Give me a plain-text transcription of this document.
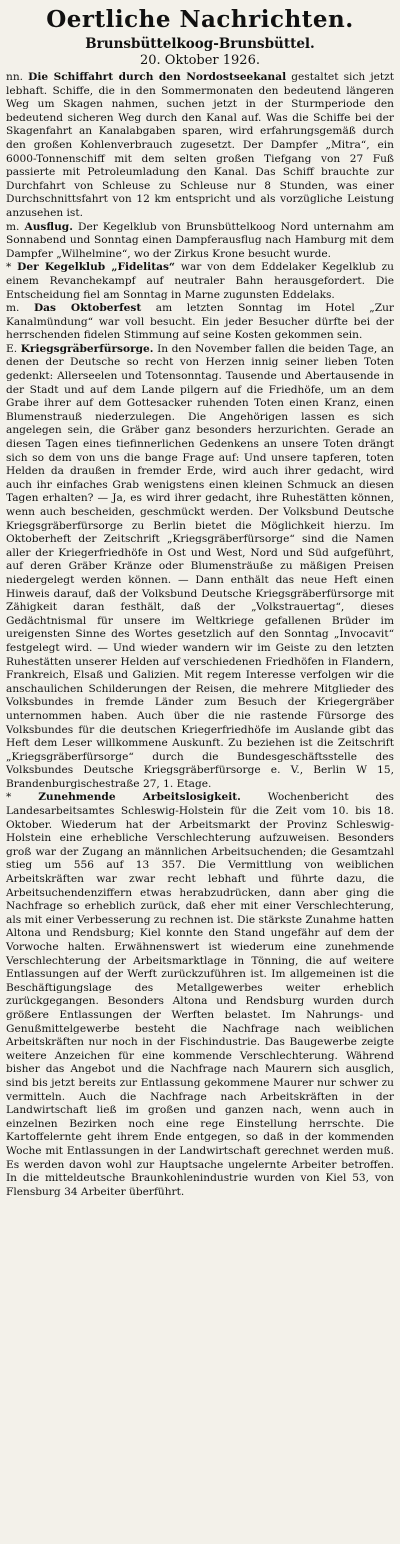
Oertliche Nachrichten.
Brunsbüttelkoog-Brunsbüttel.
20. Oktober 1926.

nn. Die Schiffahrt durch den Nordostseekanal gestaltet sich jetzt lebhaft. Schiffe, die in den Sommermonaten den bedeutend längeren Weg um Skagen nahmen, suchen jetzt in der Sturmperiode den bedeutend sicheren Weg durch den Kanal auf. Was die Schiffe bei der Skagenfahrt an Kanalabgaben sparen, wird erfahrungsgemäß durch den großen Kohlenverbrauch zugesetzt. Der Dampfer „Mitra“, ein 6000-Tonnenschiff mit dem selten großen Tiefgang von 27 Fuß passierte mit Petroleumladung den Kanal. Das Schiff brauchte zur Durchfahrt von Schleuse zu Schleuse nur 8 Stunden, was einer Durchschnittsfahrt von 12 km entspricht und als vorzügliche Leistung anzusehen ist.

m. Ausflug. Der Kegelklub von Brunsbüttelkoog Nord unternahm am Sonnabend und Sonntag einen Dampferausflug nach Hamburg mit dem Dampfer „Wilhelmine“, wo der Zirkus Krone besucht wurde.

* Der Kegelklub „Fidelitas“ war von dem Eddelaker Kegelklub zu einem Revanchekampf auf neutraler Bahn herausgefordert. Die Entscheidung fiel am Sonntag in Marne zugunsten Eddelaks.

m. Das Oktoberfest am letzten Sonntag im Hotel „Zur Kanalmündung“ war voll besucht. Ein jeder Besucher dürfte bei der herrschenden fidelen Stimmung auf seine Kosten gekommen sein.

E. Kriegsgräberfürsorge. In den November fallen die beiden Tage, an denen der Deutsche so recht von Herzen innig seiner lieben Toten gedenkt: Allerseelen und Totensonntag. Tausende und Abertausende in der Stadt und auf dem Lande pilgern auf die Friedhöfe, um an dem Grabe ihrer auf dem Gottesacker ruhenden Toten einen Kranz, einen Blumenstrauß niederzulegen. Die Angehörigen lassen es sich angelegen sein, die Gräber ganz besonders herzurichten. Gerade an diesen Tagen eines tiefinnerlichen Gedenkens an unsere Toten drängt sich so dem von uns die bange Frage auf: Und unsere tapferen, toten Helden da draußen in fremder Erde, wird auch ihrer gedacht, wird auch ihr einfaches Grab wenigstens einen kleinen Schmuck an diesen Tagen erhalten? — Ja, es wird ihrer gedacht, ihre Ruhestätten können, wenn auch bescheiden, geschmückt werden. Der Volksbund Deutsche Kriegsgräberfürsorge zu Berlin bietet die Möglichkeit hierzu. Im Oktoberheft der Zeitschrift „Kriegsgräberfürsorge“ sind die Namen aller der Kriegerfriedhöfe in Ost und West, Nord und Süd aufgeführt, auf deren Gräber Kränze oder Blumensträuße zu mäßigen Preisen niedergelegt werden können. — Dann enthält das neue Heft einen Hinweis darauf, daß der Volksbund Deutsche Kriegsgräberfürsorge mit Zähigkeit daran festhält, daß der „Volkstrauertag“, dieses Gedächtnismal für unsere im Weltkriege gefallenen Brüder im ureigensten Sinne des Wortes gesetzlich auf den Sonntag „Invocavit“ festgelegt wird. — Und wieder wandern wir im Geiste zu den letzten Ruhestätten unserer Helden auf verschiedenen Friedhöfen in Flandern, Frankreich, Elsaß und Galizien. Mit regem Interesse verfolgen wir die anschaulichen Schilderungen der Reisen, die mehrere Mitglieder des Volksbundes in fremde Länder zum Besuch der Kriegergräber unternommen haben. Auch über die nie rastende Fürsorge des Volksbundes für die deutschen Kriegerfriedhöfe im Auslande gibt das Heft dem Leser willkommene Auskunft. Zu beziehen ist die Zeitschrift „Kriegsgräberfürsorge“ durch die Bundesgeschäftsstelle des Volksbundes Deutsche Kriegsgräberfürsorge e. V., Berlin W 15, Brandenburgischestraße 27, 1. Etage.

*	Zunehmende Arbeitslosigkeit.	Wochenbericht des Landesarbeitsamtes Schleswig-Holstein für die Zeit vom 10. bis 18. Oktober. Wiederum hat der Arbeitsmarkt der Provinz Schleswig-Holstein eine erhebliche Verschlechterung aufzuweisen. Besonders groß war der Zugang an männlichen Arbeitsuchenden; die Gesamtzahl stieg um 556 auf 13 357. Die Vermittlung von weiblichen Arbeitskräften war zwar recht lebhaft und führte dazu, die Arbeitsuchendenziffern etwas herabzudrücken, dann aber ging die Nachfrage so erheblich zurück, daß eher mit einer Verschlechterung, als mit einer Verbesserung zu rechnen ist. Die stärkste Zunahme hatten Altona und Rendsburg; Kiel konnte den Stand ungefähr auf dem der Vorwoche halten. Erwähnenswert ist wiederum eine zunehmende Verschlechterung der Arbeitsmarktlage in Tönning, die auf weitere Entlassungen auf der Werft zurückzuführen ist. Im allgemeinen ist die Beschäftigungslage des Metallgewerbes weiter erheblich zurückgegangen. Besonders Altona und Rendsburg wurden durch größere Entlassungen der Werften belastet. Im Nahrungs- und Genußmittelgewerbe besteht die Nachfrage nach weiblichen Arbeitskräften nur noch in der Fischindustrie. Das Baugewerbe zeigte weitere Anzeichen für eine kommende Verschlechterung. Während bisher das Angebot und die Nachfrage nach Maurern sich ausglich, sind bis jetzt bereits zur Entlassung gekommene Maurer nur schwer zu vermitteln. Auch die Nachfrage nach Arbeitskräften in der Landwirtschaft ließ im großen und ganzen nach, wenn auch in einzelnen Bezirken noch eine rege Einstellung herrschte. Die Kartoffelernte geht ihrem Ende entgegen, so daß in der kommenden Woche mit Entlassungen in der Landwirtschaft gerechnet werden muß. Es werden davon wohl zur Hauptsache ungelernte Arbeiter betroffen. In die mitteldeutsche Braunkohlenindustrie wurden von Kiel 53, von Flensburg 34 Arbeiter überführt.
